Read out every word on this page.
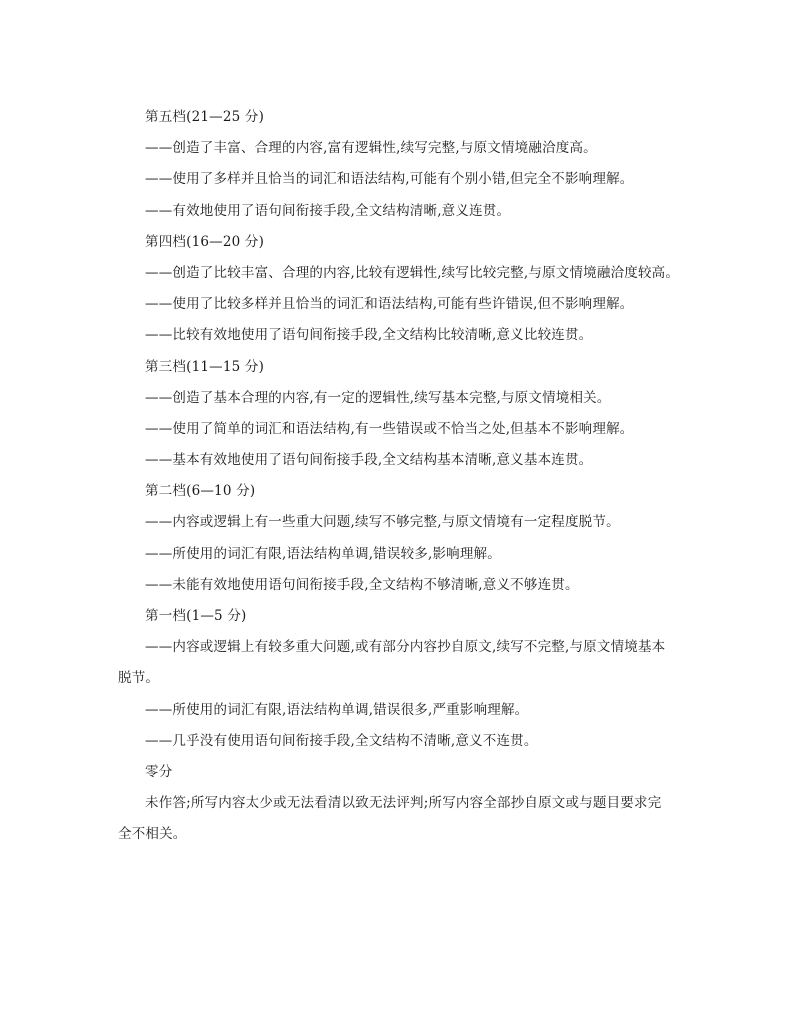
第五档(21—25 分)
——创造了丰富、合理的内容,富有逻辑性,续写完整,与原文情境融洽度高。
——使用了多样并且恰当的词汇和语法结构,可能有个别小错,但完全不影响理解。
——有效地使用了语句间衔接手段,全文结构清晰,意义连贯。
第四档(16—20 分)
——创造了比较丰富、合理的内容,比较有逻辑性,续写比较完整,与原文情境融洽度较高。
——使用了比较多样并且恰当的词汇和语法结构,可能有些许错误,但不影响理解。
——比较有效地使用了语句间衔接手段,全文结构比较清晰,意义比较连贯。
第三档(11—15 分)
——创造了基本合理的内容,有一定的逻辑性,续写基本完整,与原文情境相关。
——使用了简单的词汇和语法结构,有一些错误或不恰当之处,但基本不影响理解。
——基本有效地使用了语句间衔接手段,全文结构基本清晰,意义基本连贯。
第二档(6—10 分)
——内容或逻辑上有一些重大问题,续写不够完整,与原文情境有一定程度脱节。
——所使用的词汇有限,语法结构单调,错误较多,影响理解。
——未能有效地使用语句间衔接手段,全文结构不够清晰,意义不够连贯。
第一档(1—5 分)
——内容或逻辑上有较多重大问题,或有部分内容抄自原文,续写不完整,与原文情境基本脱节。
——所使用的词汇有限,语法结构单调,错误很多,严重影响理解。
——几乎没有使用语句间衔接手段,全文结构不清晰,意义不连贯。
零分
未作答;所写内容太少或无法看清以致无法评判;所写内容全部抄自原文或与题目要求完全不相关。
